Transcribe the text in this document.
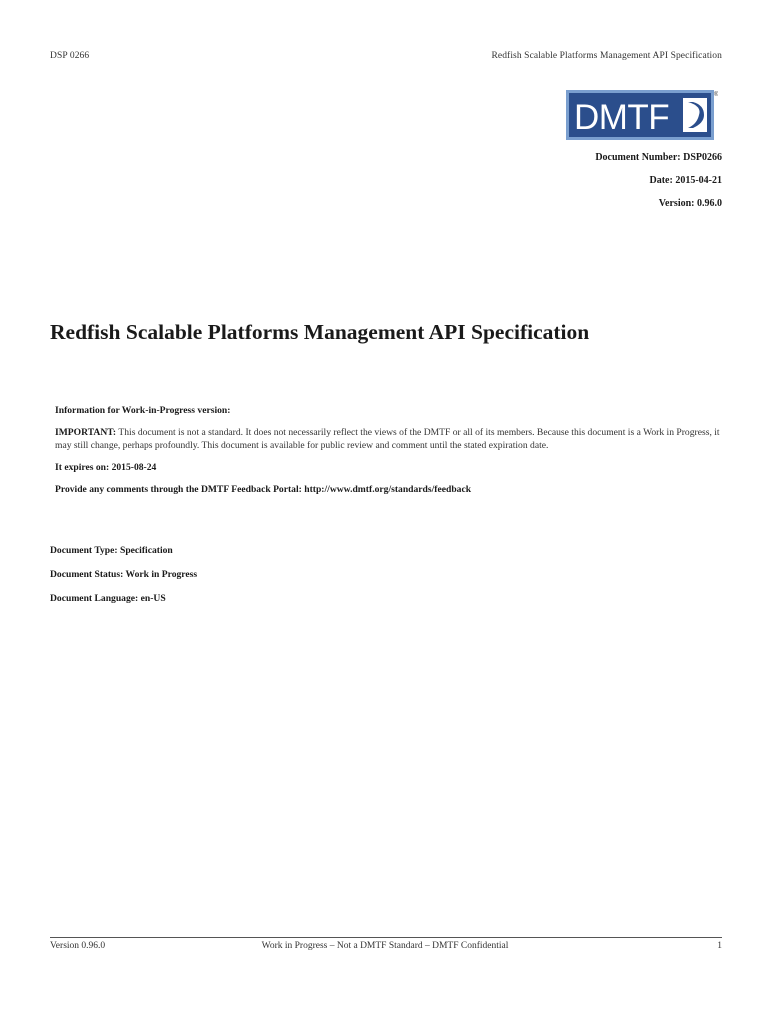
DSP 0266	Redfish Scalable Platforms Management API Specification
DMTF
®
Document Number: DSP0266
Date: 2015-04-21
Version: 0.96.0
Redfish Scalable Platforms Management API Specification

Information for Work-in-Progress version:

IMPORTANT: This document is not a standard. It does not necessarily reflect the views of the DMTF or all of its members. Because this document is a Work in Progress, it may still change, perhaps profoundly. This document is available for public review and comment until the stated expiration date.

It expires on: 2015-08-24

Provide any comments through the DMTF Feedback Portal: http://www.dmtf.org/standards/feedback

Document Type: Specification
Document Status: Work in Progress
Document Language: en-US
Version 0.96.0	Work in Progress – Not a DMTF Standard – DMTF Confidential	1
